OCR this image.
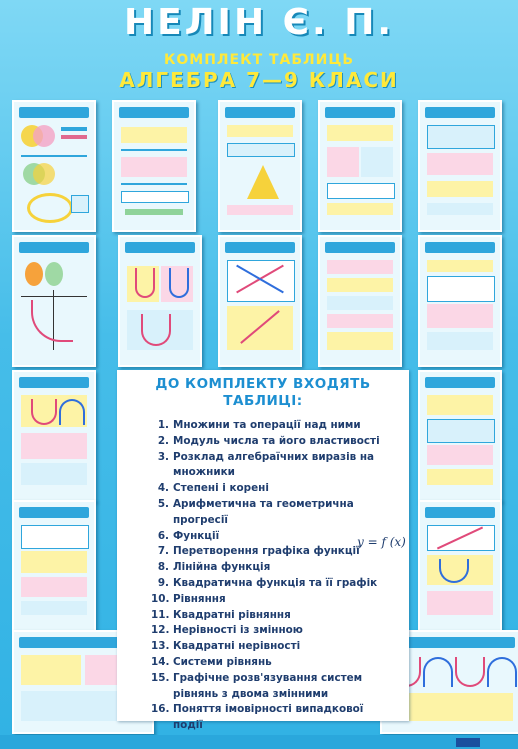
НЕЛІН Є. П.
КОМПЛЕКТ ТАБЛИЦЬ
АЛГЕБРА 7—9 КЛАСИ
ДО КОМПЛЕКТУ ВХОДЯТЬ
ТАБЛИЦІ:
1. Множини та операції над ними
2. Модуль числа та його властивості
3. Розклад алгебраїчних виразів на
множники
4. Степені і корені
5. Арифметична та геометрична
прогресії
6. Функції
7. Перетворення графіка функції
8. Лінійна функція
9. Квадратична функція та її графік
10. Рівняння
11. Квадратні рівняння
12. Нерівності із змінною
13. Квадратні нерівності
14. Системи рівнянь
15. Графічне розв'язування систем
рівнянь з двома змінними
16. Поняття імовірності випадкової
події
y = f (x)
